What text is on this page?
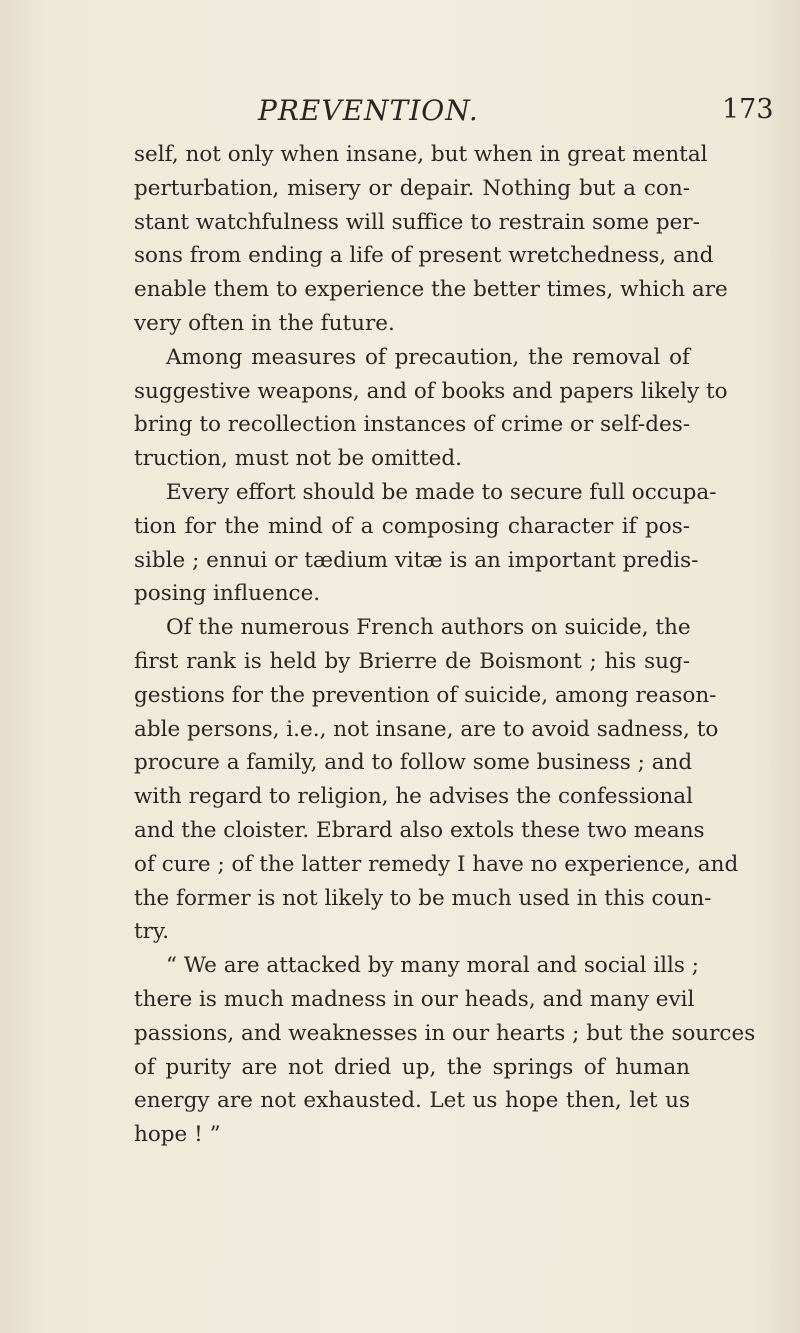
PREVENTION.	173
self, not only when insane, but when in great mental
perturbation, misery or depair. Nothing but a con-
stant watchfulness will suffice to restrain some per-
sons from ending a life of present wretchedness, and
enable them to experience the better times, which are
very often in the future.
Among measures of precaution, the removal of
suggestive weapons, and of books and papers likely to
bring to recollection instances of crime or self-des-
truction, must not be omitted.
Every effort should be made to secure full occupa-
tion for the mind of a composing character if pos-
sible ; ennui or tædium vitæ is an important predis-
posing influence.
Of the numerous French authors on suicide, the
first rank is held by Brierre de Boismont ; his sug-
gestions for the prevention of suicide, among reason-
able persons, i.e., not insane, are to avoid sadness, to
procure a family, and to follow some business ; and
with regard to religion, he advises the confessional
and the cloister. Ebrard also extols these two means
of cure ; of the latter remedy I have no experience, and
the former is not likely to be much used in this coun-
try.
“ We are attacked by many moral and social ills ;
there is much madness in our heads, and many evil
passions, and weaknesses in our hearts ; but the sources
of purity are not dried up, the springs of human
energy are not exhausted. Let us hope then, let us
hope ! ”
